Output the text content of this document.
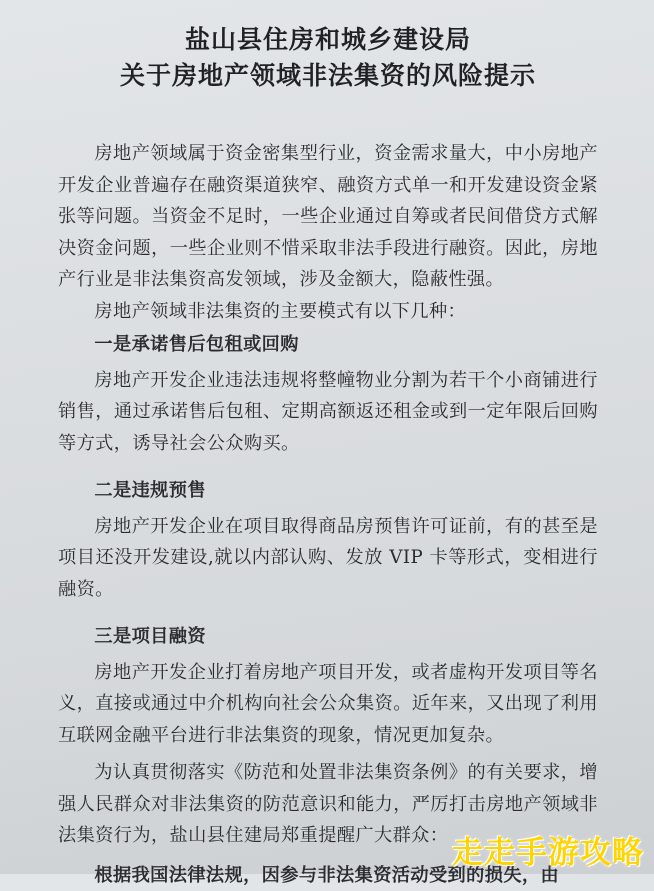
盐山县住房和城乡建设局
关于房地产领域非法集资的风险提示

房地产领域属于资金密集型行业，资金需求量大，中小房地产开发企业普遍存在融资渠道狭窄、融资方式单一和开发建设资金紧张等问题。当资金不足时，一些企业通过自筹或者民间借贷方式解决资金问题，一些企业则不惜采取非法手段进行融资。因此，房地产行业是非法集资高发领域，涉及金额大，隐蔽性强。

房地产领域非法集资的主要模式有以下几种：

一是承诺售后包租或回购

房地产开发企业违法违规将整幢物业分割为若干个小商铺进行销售，通过承诺售后包租、定期高额返还租金或到一定年限后回购等方式，诱导社会公众购买。

二是违规预售

房地产开发企业在项目取得商品房预售许可证前，有的甚至是项目还没开发建设,就以内部认购、发放 VIP 卡等形式，变相进行融资。

三是项目融资

房地产开发企业打着房地产项目开发，或者虚构开发项目等名义，直接或通过中介机构向社会公众集资。近年来，又出现了利用互联网金融平台进行非法集资的现象，情况更加复杂。

为认真贯彻落实《防范和处置非法集资条例》的有关要求，增强人民群众对非法集资的防范意识和能力，严厉打击房地产领域非法集资行为，盐山县住建局郑重提醒广大群众：

根据我国法律法规，因参与非法集资活动受到的损失，由

走走手游攻略
